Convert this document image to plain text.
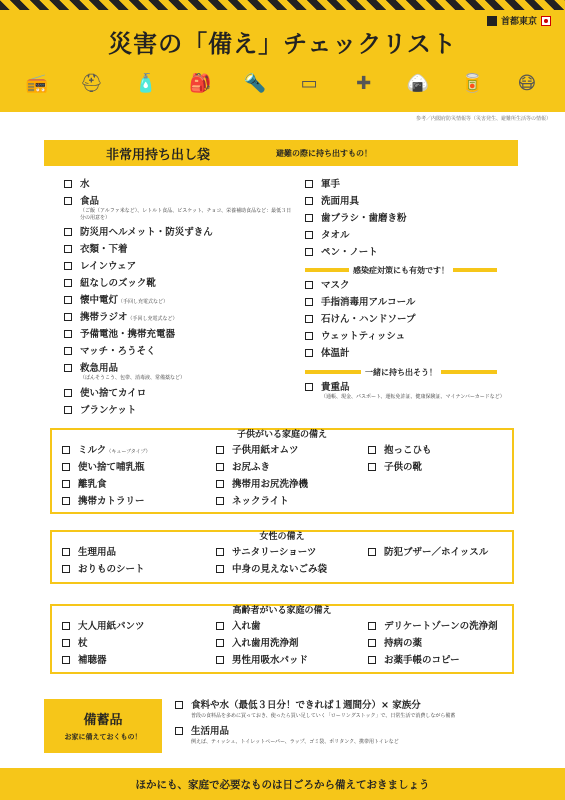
首都東京
災害の「備え」チェックリスト
📻 ⛑ 🧴 🎒 🔦	▭	✚	🍙 🥫	😷
参考／内閣府防災情報等（災害発生、避難所生活等の情報）
非常用持ち出し袋	避難の際に持ち出すもの！
水
食品
（ご飯（アルファ米など）、レトルト食品、ビスケット、チョコ、栄養補助食品など：最低３日分の用意を）
防災用ヘルメット・防災ずきん
衣類・下着
レインウェア
紐なしのズック靴
懐中電灯（手回し充電式など）
携帯ラジオ（手回し充電式など）
予備電池・携帯充電器
マッチ・ろうそく
救急用品
（ばんそうこう、包帯、消毒液、常備薬など）
使い捨てカイロ
ブランケット
軍手
洗面用具
歯ブラシ・歯磨き粉
タオル
ペン・ノート
感染症対策にも有効です！
マスク
手指消毒用アルコール
石けん・ハンドソープ
ウェットティッシュ
体温計
一緒に持ち出そう！
貴重品
（通帳、現金、パスポート、運転免許証、健康保険証、マイナンバーカードなど）
子供がいる家庭の備え
ミルク（キューブタイプ）	子供用紙オムツ	抱っこひも
使い捨て哺乳瓶	お尻ふき	子供の靴
離乳食	携帯用お尻洗浄機
携帯カトラリー	ネックライト
女性の備え
生理用品	サニタリーショーツ	防犯ブザー／ホイッスル
おりものシート	中身の見えないごみ袋
高齢者がいる家庭の備え
大人用紙パンツ	入れ歯	デリケートゾーンの洗浄剤
杖	入れ歯用洗浄剤	持病の薬
補聴器	男性用吸水パッド	お薬手帳のコピー
備蓄品
お家に備えておくもの！
食料や水（最低３日分！できれば１週間分）× 家族分
普段の食料品を多めに買っておき、使ったら買い足していく「ローリングストック」で、日常生活で消費しながら備蓄
生活用品
例えば、ティッシュ、トイレットペーパー、ラップ、ゴミ袋、ポリタンク、携帯用トイレなど
ほかにも、家庭で必要なものは日ごろから備えておきましょう
